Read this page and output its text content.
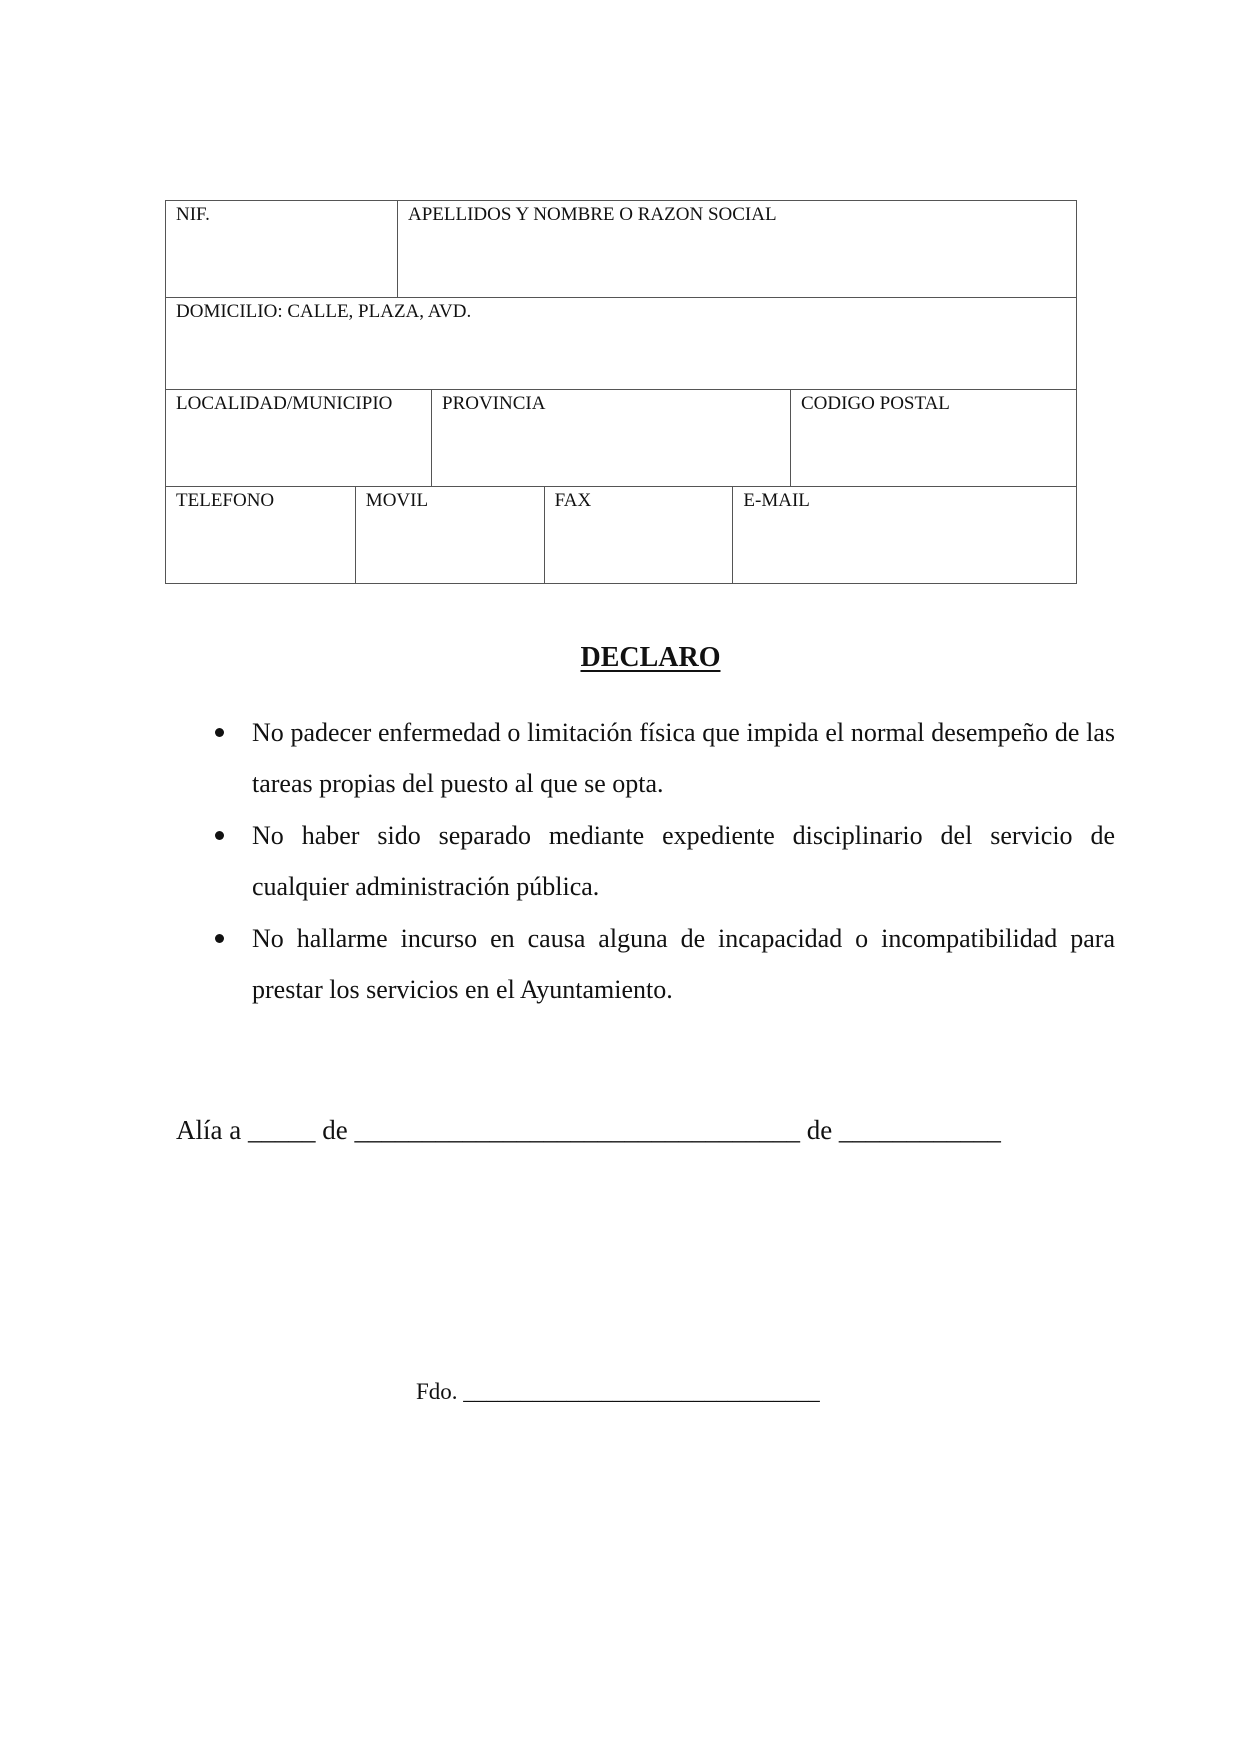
NIF.	APELLIDOS Y NOMBRE O RAZON SOCIAL
DOMICILIO: CALLE, PLAZA, AVD.
LOCALIDAD/MUNICIPIO	PROVINCIA	CODIGO POSTAL
TELEFONO	MOVIL	FAX	E-MAIL
DECLARO
No padecer enfermedad o limitación física que impida el normal desempeño de las tareas propias del puesto al que se opta.
No haber sido separado mediante expediente disciplinario del servicio de cualquier administración pública.
No hallarme incurso en causa alguna de incapacidad o incompatibilidad para prestar los servicios en el Ayuntamiento.
Alía a _____ de _________________________________ de ____________
Fdo. _______________________________
